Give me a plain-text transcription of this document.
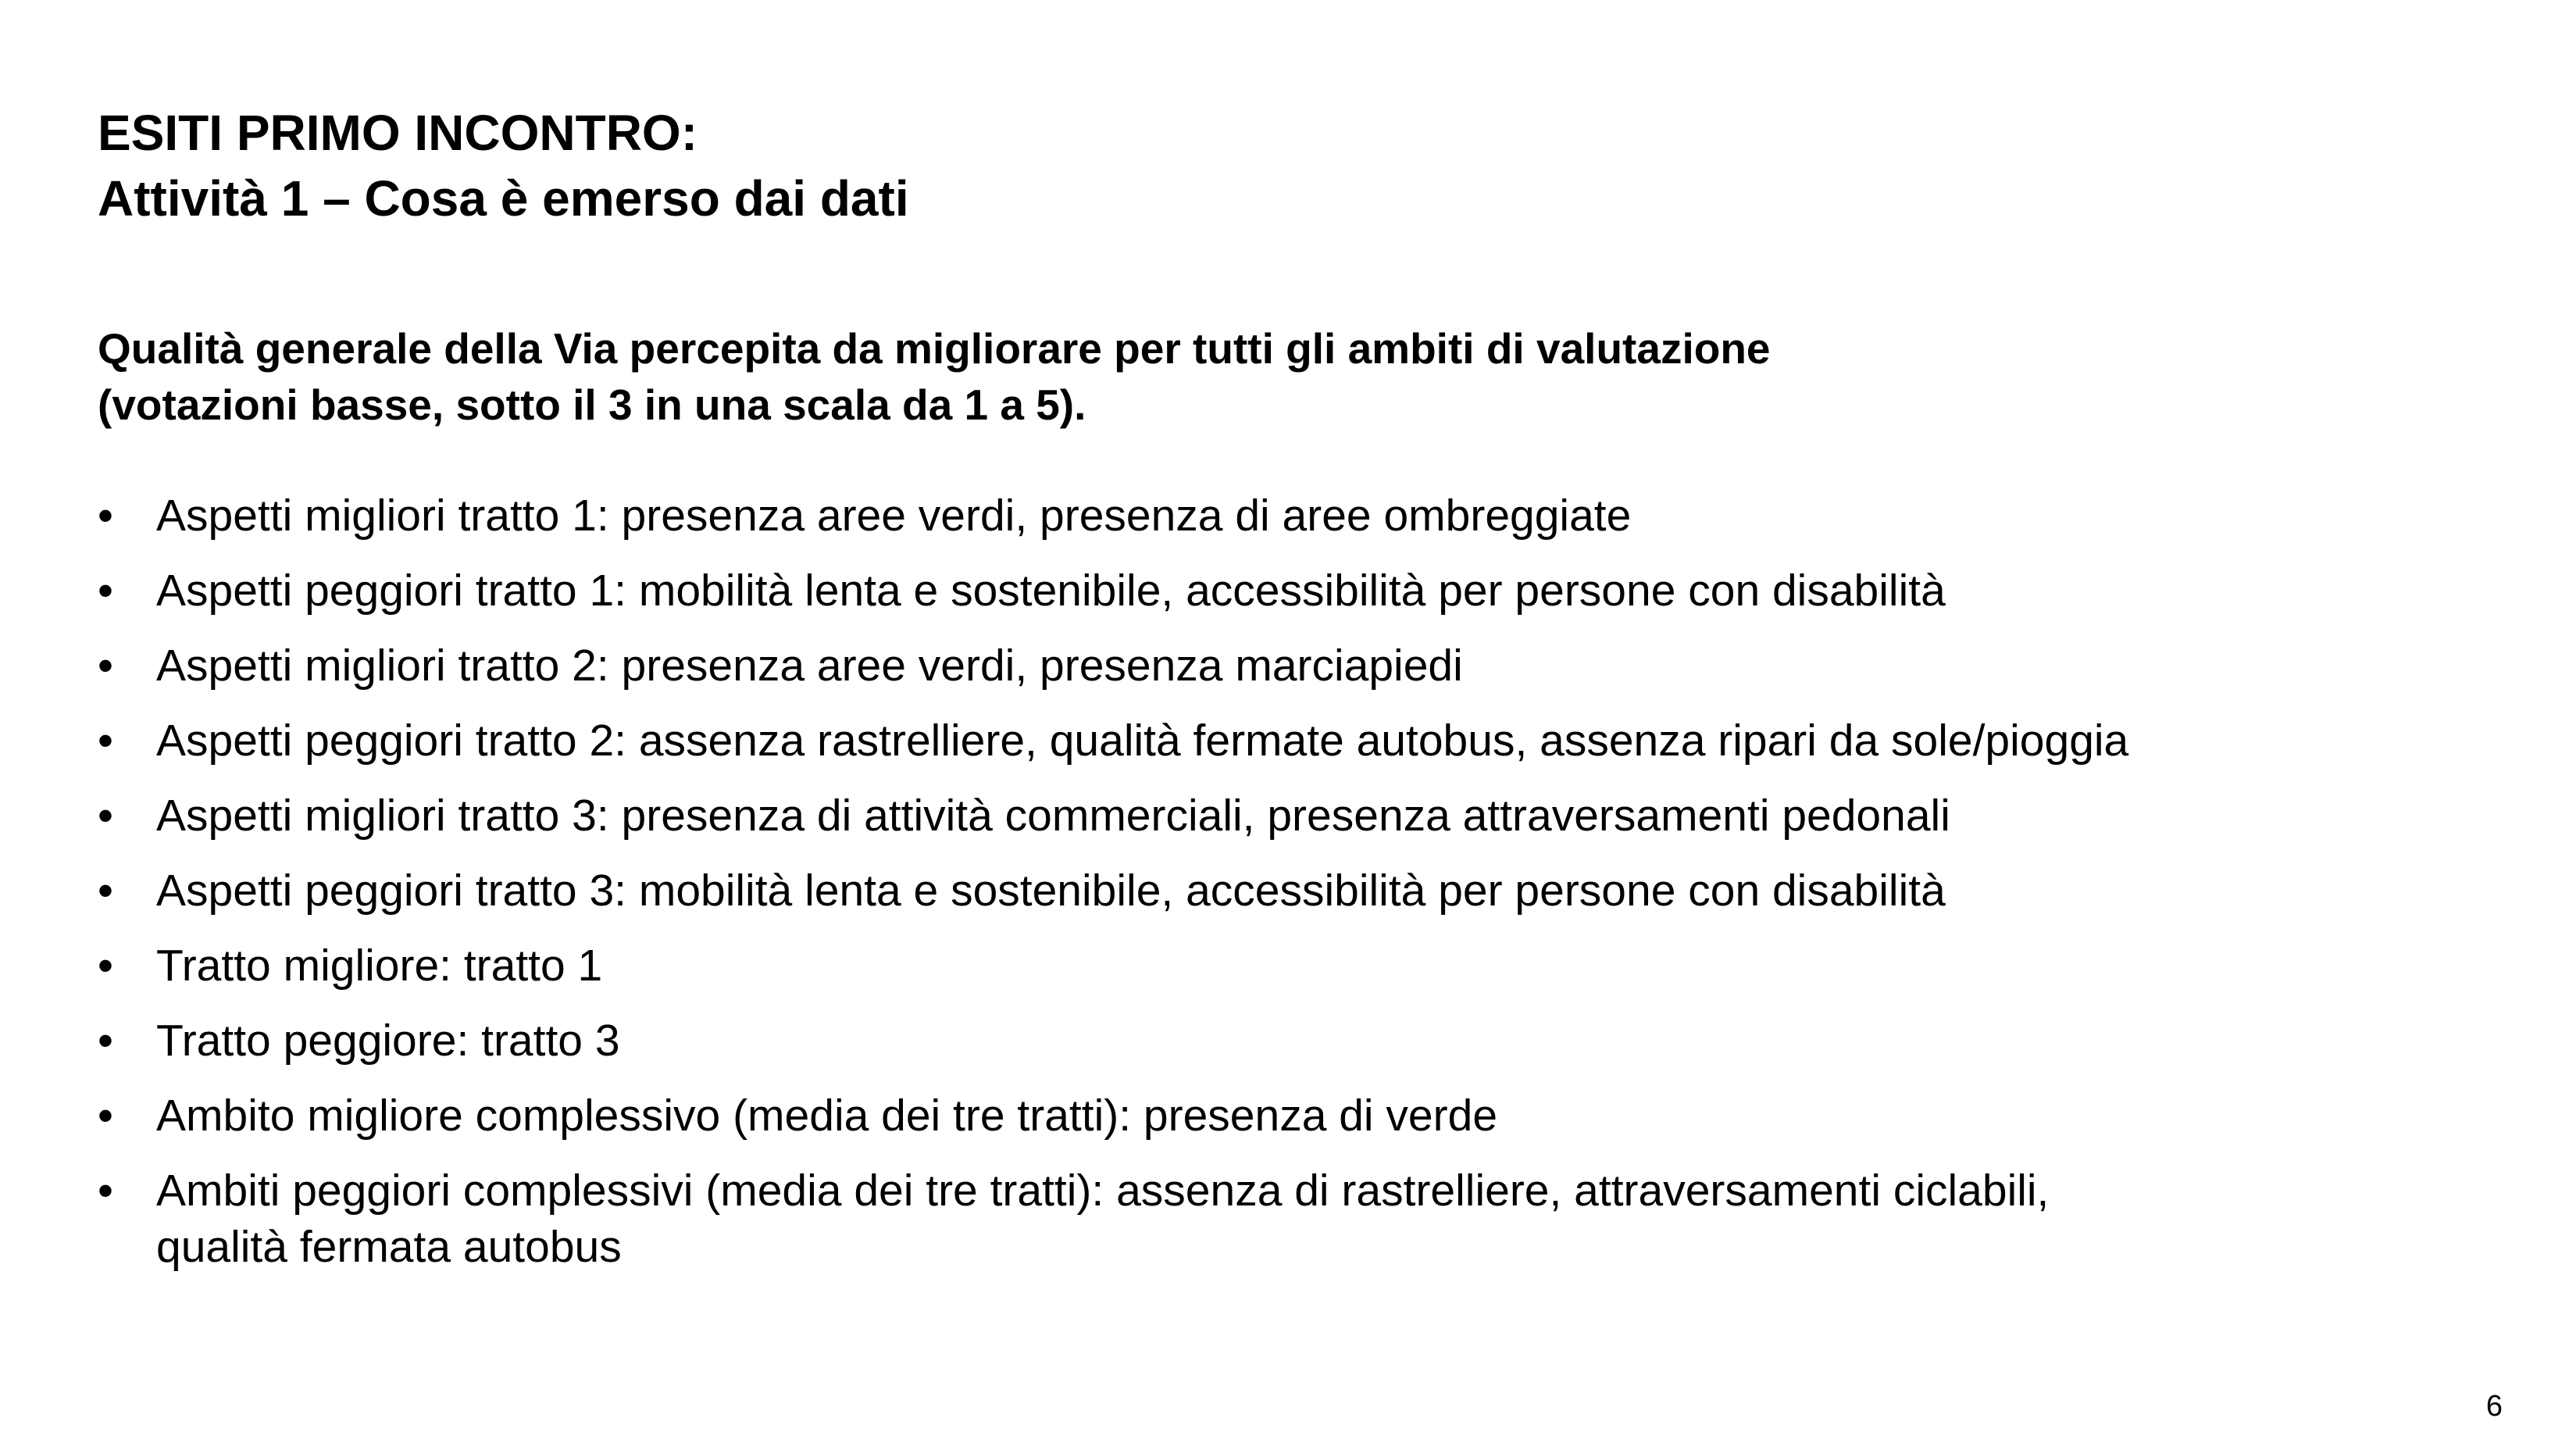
ESITI PRIMO INCONTRO:
Attività 1 – Cosa è emerso dai dati

Qualità generale della Via percepita da migliorare per tutti gli ambiti di valutazione
(votazioni basse, sotto il 3 in una scala da 1 a 5).

• Aspetti migliori tratto 1: presenza aree verdi, presenza di aree ombreggiate
• Aspetti peggiori tratto 1: mobilità lenta e sostenibile, accessibilità per persone con disabilità
• Aspetti migliori tratto 2: presenza aree verdi, presenza marciapiedi
• Aspetti peggiori tratto 2: assenza rastrelliere, qualità fermate autobus, assenza ripari da sole/pioggia
• Aspetti migliori tratto 3: presenza di attività commerciali, presenza attraversamenti pedonali
• Aspetti peggiori tratto 3: mobilità lenta e sostenibile, accessibilità per persone con disabilità
• Tratto migliore: tratto 1
• Tratto peggiore: tratto 3
• Ambito migliore complessivo (media dei tre tratti): presenza di verde
• Ambiti peggiori complessivi (media dei tre tratti): assenza di rastrelliere, attraversamenti ciclabili,
qualità fermata autobus
6
